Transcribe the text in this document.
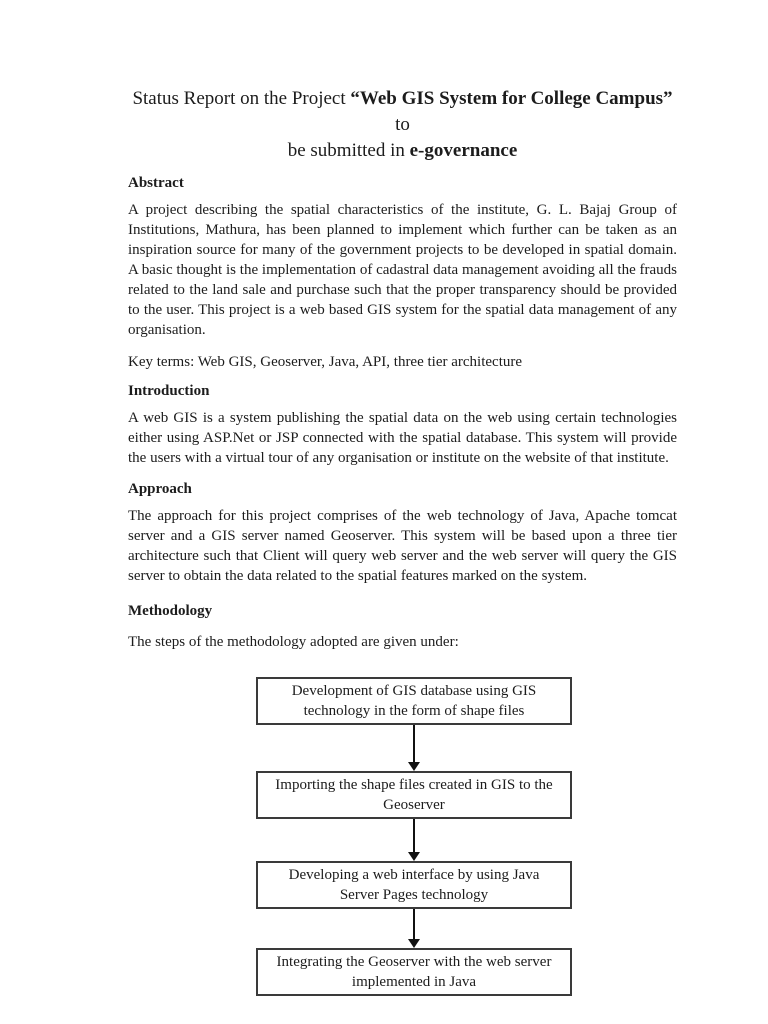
Status Report on the Project “Web GIS System for College Campus” to
be submitted in e-governance
Abstract
A project describing the spatial characteristics of the institute, G. L. Bajaj Group of Institutions, Mathura, has been planned to implement which further can be taken as an inspiration source for many of the government projects to be developed in spatial domain. A basic thought is the implementation of cadastral data management avoiding all the frauds related to the land sale and purchase such that the proper transparency should be provided to the user. This project is a web based GIS system for the spatial data management of any organisation.
Key terms: Web GIS, Geoserver, Java, API, three tier architecture
Introduction
A web GIS is a system publishing the spatial data on the web using certain technologies either using ASP.Net or JSP connected with the spatial database. This system will provide the users with a virtual tour of any organisation or institute on the website of that institute.
Approach
The approach for this project comprises of the web technology of Java, Apache tomcat server and a GIS server named Geoserver. This system will be based upon a three tier architecture such that Client will query web server and the web server will query the GIS server to obtain the data related to the spatial features marked on the system.
Methodology
The steps of the methodology adopted are given under:
Development of GIS database using GIS
technology in the form of shape files
Importing the shape files created in GIS to the
Geoserver
Developing a web interface by using Java
Server Pages technology
Integrating the Geoserver with the web server
implemented in Java
